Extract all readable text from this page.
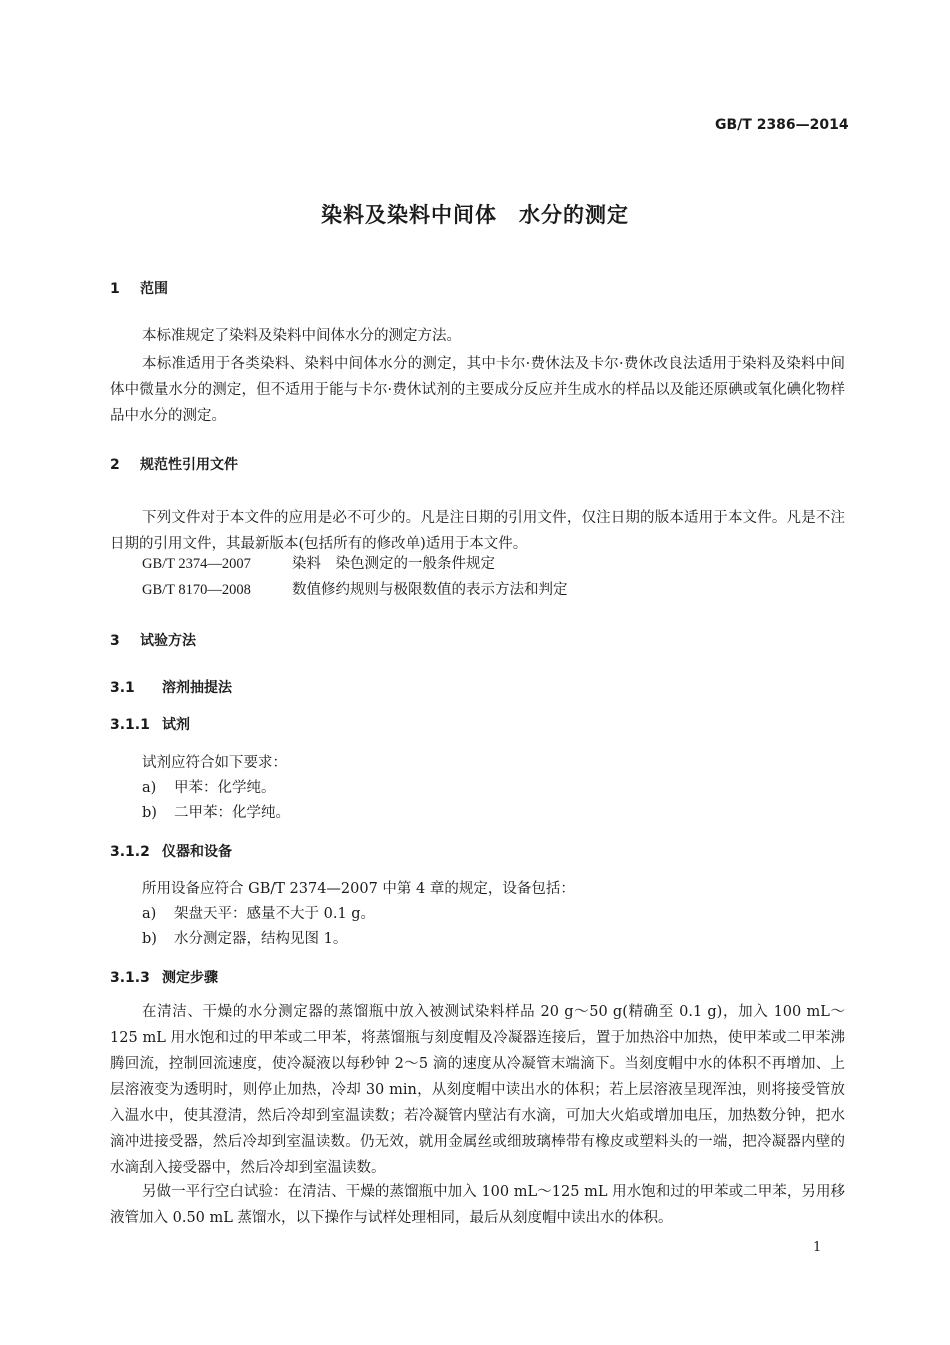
GB/T 2386—2014
染料及染料中间体　水分的测定
1 范围
本标准规定了染料及染料中间体水分的测定方法。
本标准适用于各类染料、染料中间体水分的测定，其中卡尔·费休法及卡尔·费休改良法适用于染料及染料中间体中微量水分的测定，但不适用于能与卡尔·费休试剂的主要成分反应并生成水的样品以及能还原碘或氧化碘化物样品中水分的测定。
2 规范性引用文件
下列文件对于本文件的应用是必不可少的。凡是注日期的引用文件，仅注日期的版本适用于本文件。凡是不注日期的引用文件，其最新版本(包括所有的修改单)适用于本文件。
GB/T 2374—2007	染料　染色测定的一般条件规定
GB/T 8170—2008	数值修约规则与极限数值的表示方法和判定
3 试验方法
3.1 溶剂抽提法
3.1.1 试剂
试剂应符合如下要求：
a) 甲苯：化学纯。
b) 二甲苯：化学纯。
3.1.2 仪器和设备
所用设备应符合 GB/T 2374—2007 中第 4 章的规定，设备包括：
a) 架盘天平：感量不大于 0.1 g。
b) 水分测定器，结构见图 1。
3.1.3 测定步骤
在清洁、干燥的水分测定器的蒸馏瓶中放入被测试染料样品 20 g～50 g(精确至 0.1 g)，加入 100 mL～125 mL 用水饱和过的甲苯或二甲苯，将蒸馏瓶与刻度帽及冷凝器连接后，置于加热浴中加热，使甲苯或二甲苯沸腾回流，控制回流速度，使冷凝液以每秒钟 2～5 滴的速度从冷凝管末端滴下。当刻度帽中水的体积不再增加、上层溶液变为透明时，则停止加热，冷却 30 min，从刻度帽中读出水的体积；若上层溶液呈现浑浊，则将接受管放入温水中，使其澄清，然后冷却到室温读数；若冷凝管内壁沾有水滴，可加大火焰或增加电压，加热数分钟，把水滴冲进接受器，然后冷却到室温读数。仍无效，就用金属丝或细玻璃棒带有橡皮或塑料头的一端，把冷凝器内壁的水滴刮入接受器中，然后冷却到室温读数。
另做一平行空白试验：在清洁、干燥的蒸馏瓶中加入 100 mL～125 mL 用水饱和过的甲苯或二甲苯，另用移液管加入 0.50 mL 蒸馏水，以下操作与试样处理相同，最后从刻度帽中读出水的体积。
1
